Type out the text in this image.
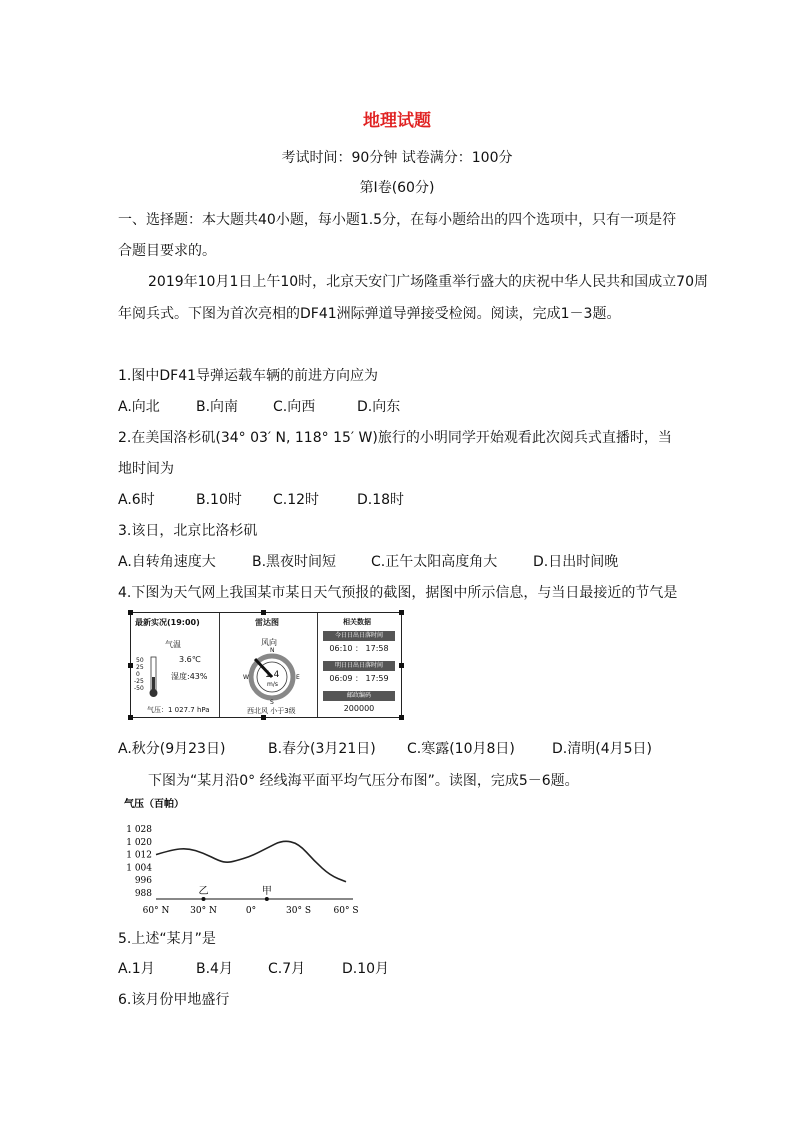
地理试题
考试时间：90分钟 试卷满分：100分
第Ⅰ卷(60分)
一、选择题：本大题共40小题，每小题1.5分，在每小题给出的四个选项中，只有一项是符
合题目要求的。
2019年10月1日上午10时，北京天安门广场隆重举行盛大的庆祝中华人民共和国成立70周
年阅兵式。下图为首次亮相的DF41洲际弹道导弹接受检阅。阅读，完成1－3题。
1.图中DF41导弹运载车辆的前进方向应为
A.向北	B.向南 C.向西	D.向东
2.在美国洛杉矶(34° 03′ N, 118° 15′ W)旅行的小明同学开始观看此次阅兵式直播时，当
地时间为
A.6时	B.10时 C.12时	D.18时
3.该日，北京比洛杉矶
A.自转角速度大	B.黑夜时间短 C.正午太阳高度角大	D.日出时间晚
4.下图为天气网上我国某市某日天气预报的截图，据图中所示信息，与当日最接近的节气是
最新实况(19:00)
气温
3.6℃
湿度:43%
50
25
0
-25
-50
气压：1 027.7 hPa
雷达图
风向
N
E
S
W 1.4
m/s
西北风 小于3级
相关数据
今日日出日落时间
06:10 ： 17:58
明日日出日落时间
06:09 ： 17:59
邮政编码
200000
A.秋分(9月23日)	B.春分(3月21日) C.寒露(10月8日)	D.清明(4月5日)
下图为“某月沿0° 经线海平面平均气压分布图”。读图，完成5－6题。
气压（百帕）
1 028
1 020
1 012
1 004
996
988
60° N 30° N	0°	30° S	60° S
乙	甲
5.上述“某月”是
A.1月	B.4月	C.7月	D.10月
6.该月份甲地盛行
